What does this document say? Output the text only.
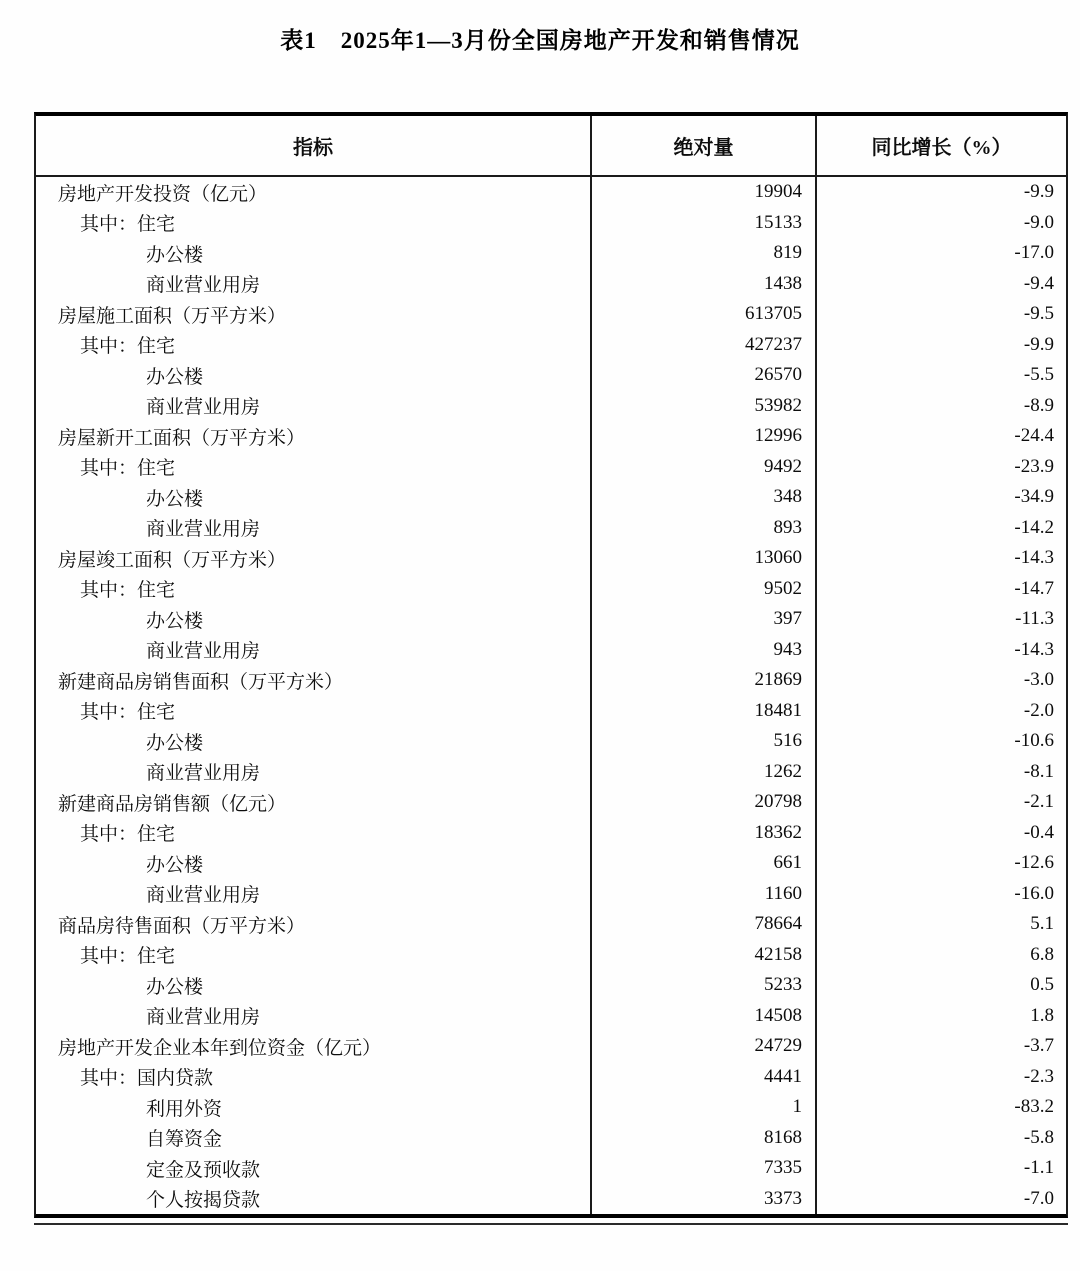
表1　2025年1—3月份全国房地产开发和销售情况
指标	绝对量	同比增长（%）
房地产开发投资（亿元）	19904	-9.9
其中：住宅	15133	-9.0
办公楼	819	-17.0
商业营业用房	1438	-9.4
房屋施工面积（万平方米）	613705	-9.5
其中：住宅	427237	-9.9
办公楼	26570	-5.5
商业营业用房	53982	-8.9
房屋新开工面积（万平方米）	12996	-24.4
其中：住宅	9492	-23.9
办公楼	348	-34.9
商业营业用房	893	-14.2
房屋竣工面积（万平方米）	13060	-14.3
其中：住宅	9502	-14.7
办公楼	397	-11.3
商业营业用房	943	-14.3
新建商品房销售面积（万平方米）	21869	-3.0
其中：住宅	18481	-2.0
办公楼	516	-10.6
商业营业用房	1262	-8.1
新建商品房销售额（亿元）	20798	-2.1
其中：住宅	18362	-0.4
办公楼	661	-12.6
商业营业用房	1160	-16.0
商品房待售面积（万平方米）	78664	5.1
其中：住宅	42158	6.8
办公楼	5233	0.5
商业营业用房	14508	1.8
房地产开发企业本年到位资金（亿元）	24729	-3.7
其中：国内贷款	4441	-2.3
利用外资	1	-83.2
自筹资金	8168	-5.8
定金及预收款	7335	-1.1
个人按揭贷款	3373	-7.0
